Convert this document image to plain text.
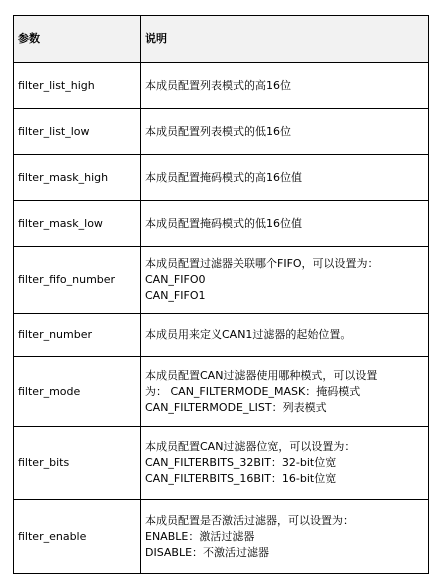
参数	说明
filter_list_high	本成员配置列表模式的高16位

filter_list_low	本成员配置列表模式的低16位

filter_mask_high	本成员配置掩码模式的高16位值

filter_mask_low	本成员配置掩码模式的低16位值

filter_fifo_number	本成员配置过滤器关联哪个FIFO，可以设置为：
CAN_FIFO0
CAN_FIFO1

filter_number	本成员用来定义CAN1过滤器的起始位置。

filter_mode	本成员配置CAN过滤器使用哪种模式，可以设置
为： CAN_FILTERMODE_MASK：掩码模式
CAN_FILTERMODE_LIST：列表模式

filter_bits	本成员配置CAN过滤器位宽，可以设置为：
CAN_FILTERBITS_32BIT：32-bit位宽
CAN_FILTERBITS_16BIT：16-bit位宽

filter_enable	本成员配置是否激活过滤器，可以设置为：
ENABLE：激活过滤器
DISABLE：不激活过滤器
